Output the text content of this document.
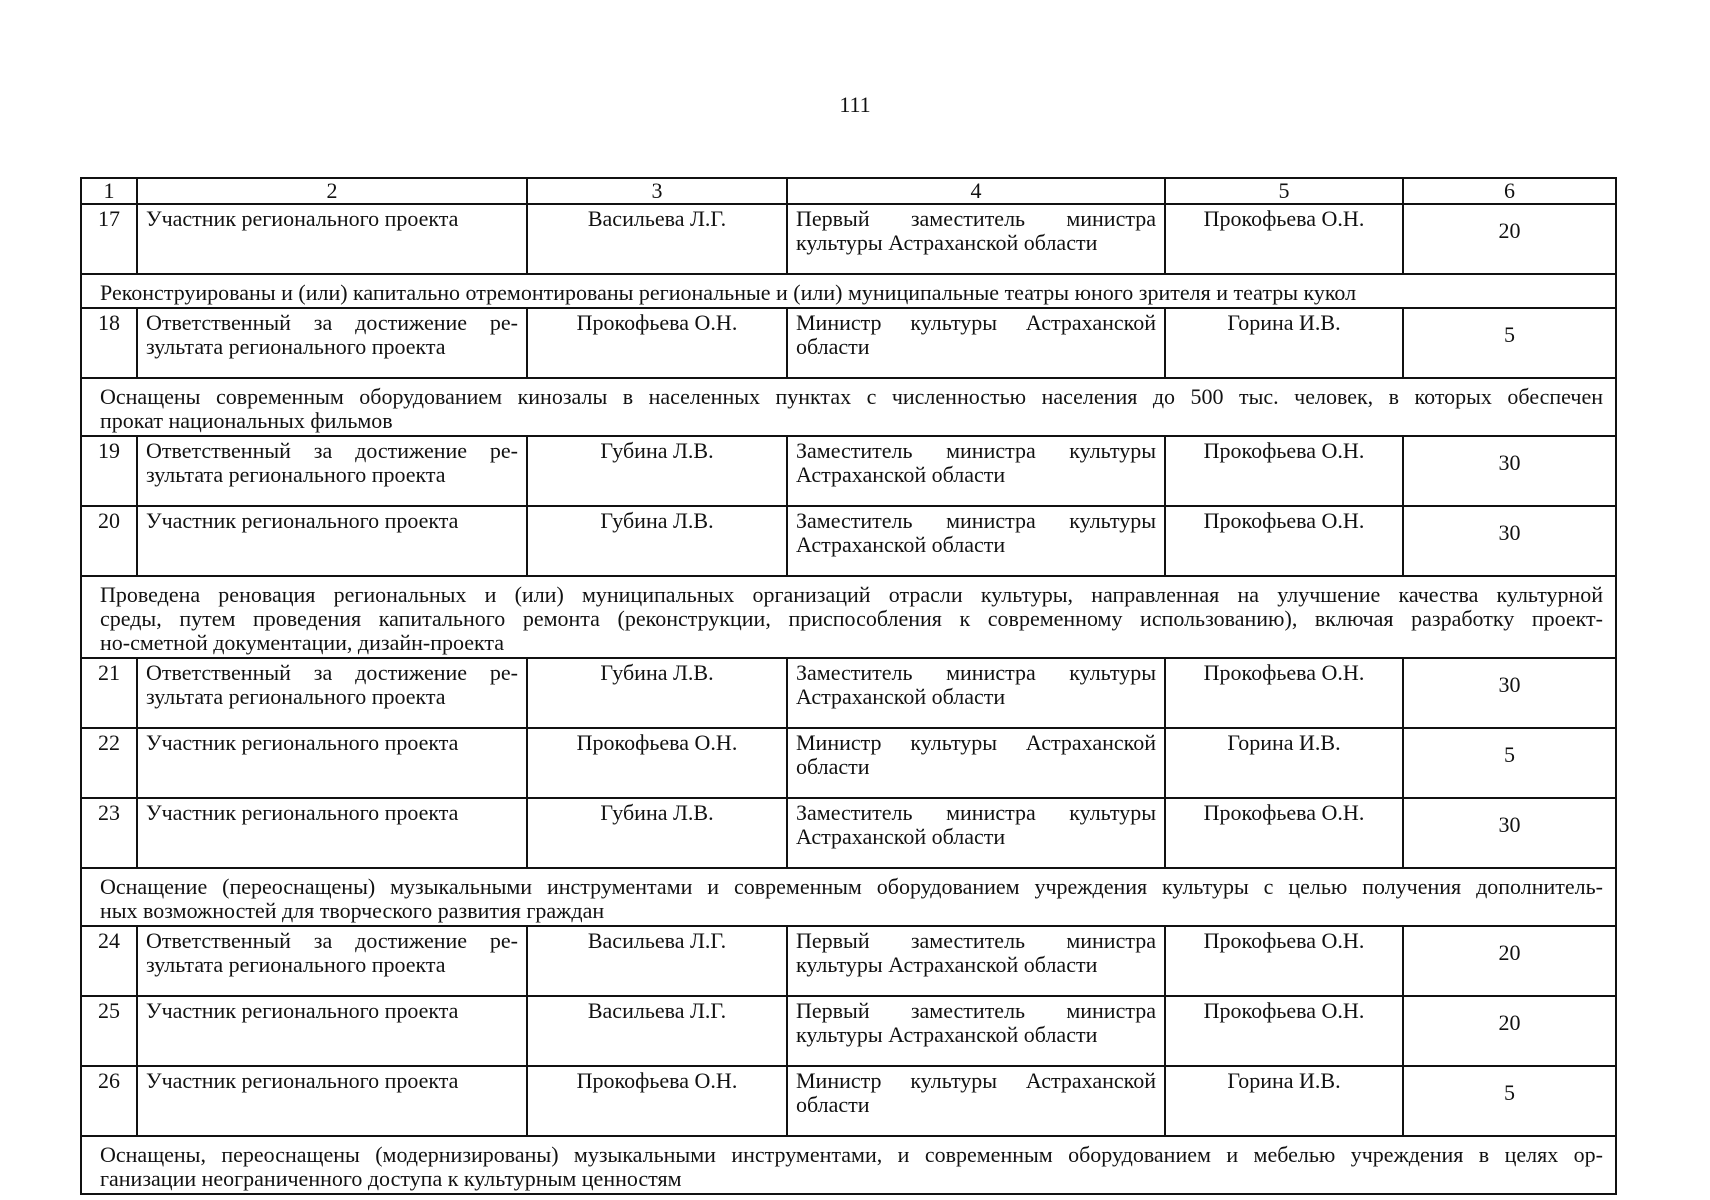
111
1	2	3	4	5	6
17	Участник регионального проекта	Васильева Л.Г.	Первый заместитель министра
культуры Астраханской области	Прокофьева О.Н.	20

Реконструированы и (или) капитально отремонтированы региональные и (или) муниципальные театры юного зрителя и театры кукол					

18	Ответственный за достижение ре-
зультата регионального проекта	Прокофьева О.Н.	Министр культуры Астраханской
области	Горина И.В.	5

Оснащены современным оборудованием кинозалы в населенных пунктах с численностью населения до 500 тыс. человек, в которых обеспечен
прокат национальных фильмов					

19	Ответственный за достижение ре-
зультата регионального проекта	Губина Л.В.	Заместитель министра культуры
Астраханской области	Прокофьева О.Н.	30
20	Участник регионального проекта	Губина Л.В.	Заместитель министра культуры
Астраханской области	Прокофьева О.Н.	30

Проведена реновация региональных и (или) муниципальных организаций отрасли культуры, направленная на улучшение качества культурной
среды, путем проведения капитального ремонта (реконструкции, приспособления к современному использованию), включая разработку проект-
но-сметной документации, дизайн-проекта					

21	Ответственный за достижение ре-
зультата регионального проекта	Губина Л.В.	Заместитель министра культуры
Астраханской области	Прокофьева О.Н.	30
22	Участник регионального проекта	Прокофьева О.Н.	Министр культуры Астраханской
области	Горина И.В.	5
23	Участник регионального проекта	Губина Л.В.	Заместитель министра культуры
Астраханской области	Прокофьева О.Н.	30

Оснащение (переоснащены) музыкальными инструментами и современным оборудованием учреждения культуры с целью получения дополнитель-
ных возможностей для творческого развития граждан					

24	Ответственный за достижение ре-
зультата регионального проекта	Васильева Л.Г.	Первый заместитель министра
культуры Астраханской области	Прокофьева О.Н.	20
25	Участник регионального проекта	Васильева Л.Г.	Первый заместитель министра
культуры Астраханской области	Прокофьева О.Н.	20
26	Участник регионального проекта	Прокофьева О.Н.	Министр культуры Астраханской
области	Горина И.В.	5

Оснащены, переоснащены (модернизированы) музыкальными инструментами, и современным оборудованием и мебелью учреждения в целях ор-
ганизации неограниченного доступа к культурным ценностям					
